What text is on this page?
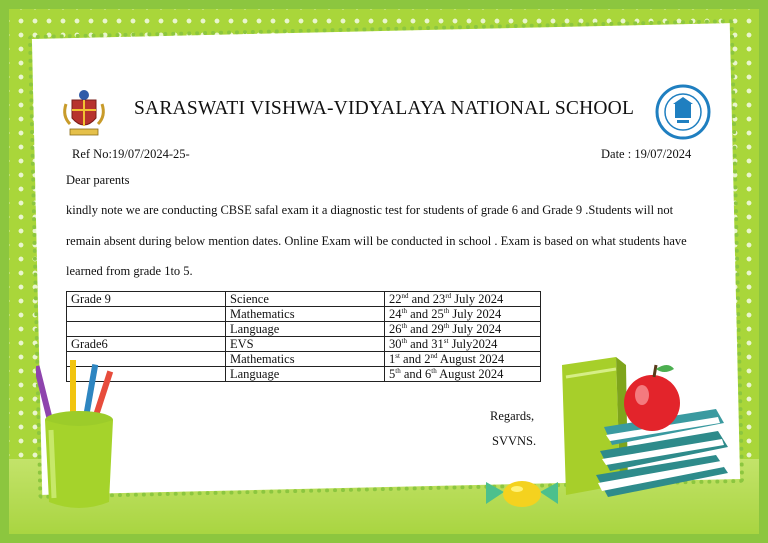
SARASWATI VISHWA-VIDYALAYA NATIONAL SCHOOL
Ref No:19/07/2024-25-	Date : 19/07/2024
Dear parents
kindly note we are conducting CBSE safal exam it a diagnostic test for students of grade 6 and Grade 9 .Students will not remain absent during below mention dates. Online Exam will be conducted in school . Exam is based on what students have learned from grade 1to 5.
Grade 9	Science	22nd and 23rd July 2024
	Mathematics	24th and 25th July 2024
	Language	26th and 29th July 2024
Grade6	EVS	30th and 31st July2024
	Mathematics	1st and 2nd August 2024
	Language	5th and 6th August 2024
Regards,
SVVNS.
